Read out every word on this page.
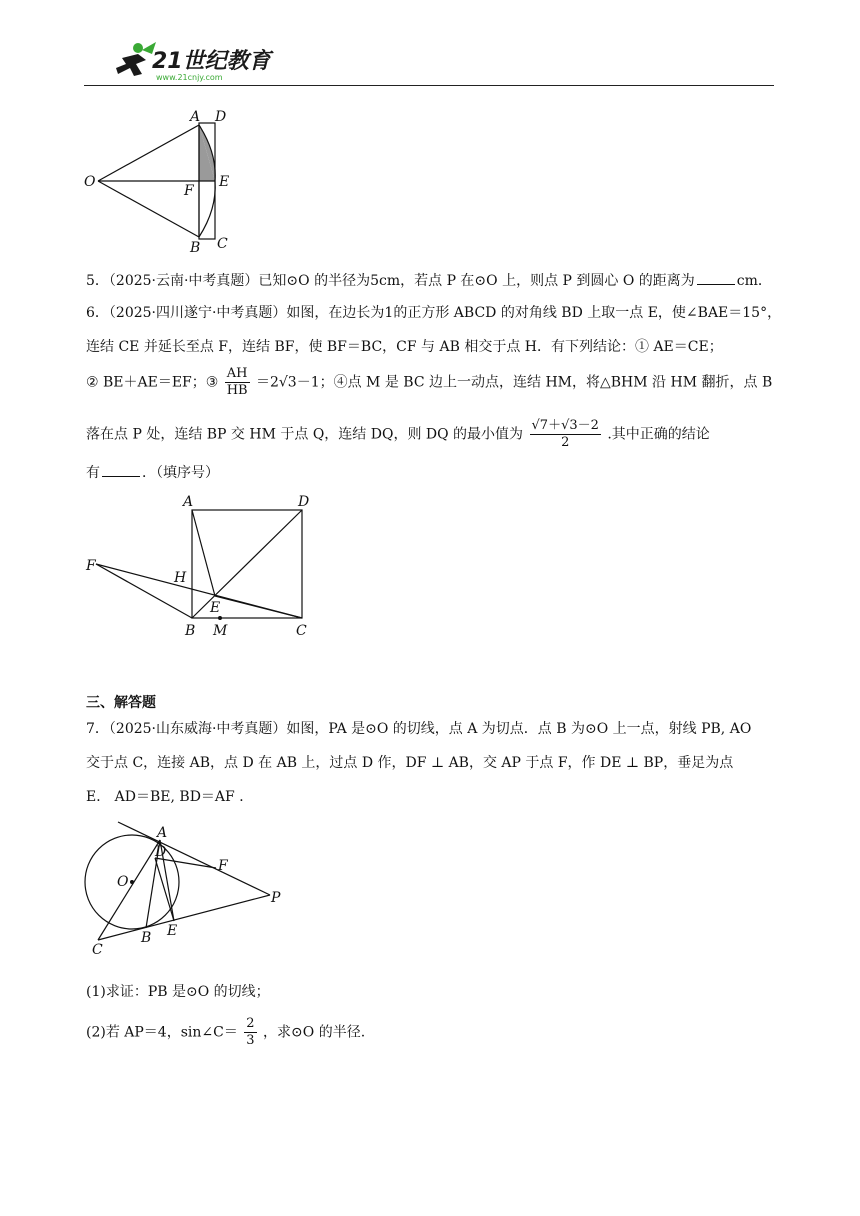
21世纪教育
www.21cnjy.com
A D
O
F
E
B C
5．（2025·云南·中考真题）已知⊙O 的半径为5cm，若点 P 在⊙O 上，则点 P 到圆心 O 的距离为	cm．
6．（2025·四川遂宁·中考真题）如图，在边长为1的正方形 ABCD 的对角线 BD 上取一点 E，使∠BAE＝15°，
连结 CE 并延长至点 F，连结 BF，使 BF＝BC，CF 与 AB 相交于点 H．有下列结论：① AE＝CE；
② BE＋AE＝EF；③ $\frac{AH}{HB} =2√3-1$；④点 M 是 BC 边上一动点，连结 HM，将△BHM 沿 HM 翻折，点 B
落在点 P 处，连结 BP 交 HM 于点 Q，连结 DQ，则 DQ 的最小值为 $\frac{√7+√3-2}{2}$ .其中正确的结论
有	．（填序号）
A	D
F
H
E
B M	C
三、解答题
7．（2025·山东威海·中考真题）如图，PA 是⊙O 的切线，点 A 为切点．点 B 为⊙O 上一点，射线 PB, AO
交于点 C，连接 AB，点 D 在 AB 上，过点 D 作，DF ⊥ AB，交 AP 于点 F，作 DE ⊥ BP，垂足为点
E． AD＝BE, BD＝AF ．
A
D
F
O
P
C
B E
(1)求证：PB 是⊙O 的切线；
(2)若 AP＝4，sin∠C＝ $\frac{2}{3}$ ，求⊙O 的半径.
